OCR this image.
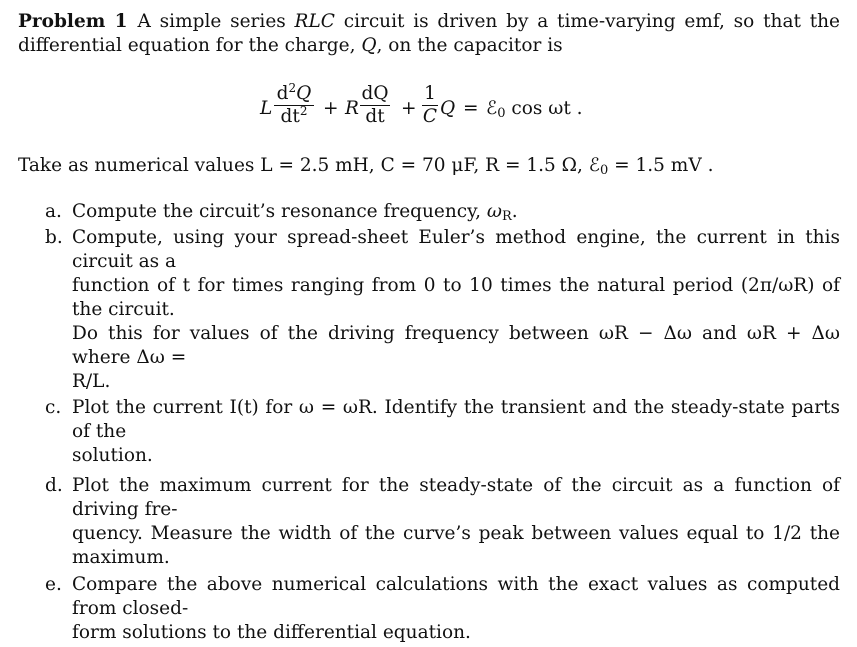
Problem 1 A simple series RLC circuit is driven by a time-varying emf, so that the differential equation for the charge, Q, on the capacitor is
L
$d^2Q$
$dt^2 + R$
dQ
dt +
1
C Q = ℰ$_0$ cos ωt .
Take as numerical values L = 2.5 mH, C = 70 μF, R = 1.5 Ω, ℰ$_0$ = 1.5 mV .
a. Compute the circuit’s resonance frequency, $\omega_R$.
b. Compute, using your spread-sheet Euler’s method engine, the current in this circuit as a
function of t for times ranging from 0 to 10 times the natural period (2π/ωR) of the circuit.
Do this for values of the driving frequency between ωR − Δω and ωR + Δω where Δω =
R/L.
c. Plot the current I(t) for ω = ωR. Identify the transient and the steady-state parts of the
solution.
d. Plot the maximum current for the steady-state of the circuit as a function of driving fre-
quency. Measure the width of the curve’s peak between values equal to 1/2 the maximum.
e. Compare the above numerical calculations with the exact values as computed from closed-
form solutions to the differential equation.
